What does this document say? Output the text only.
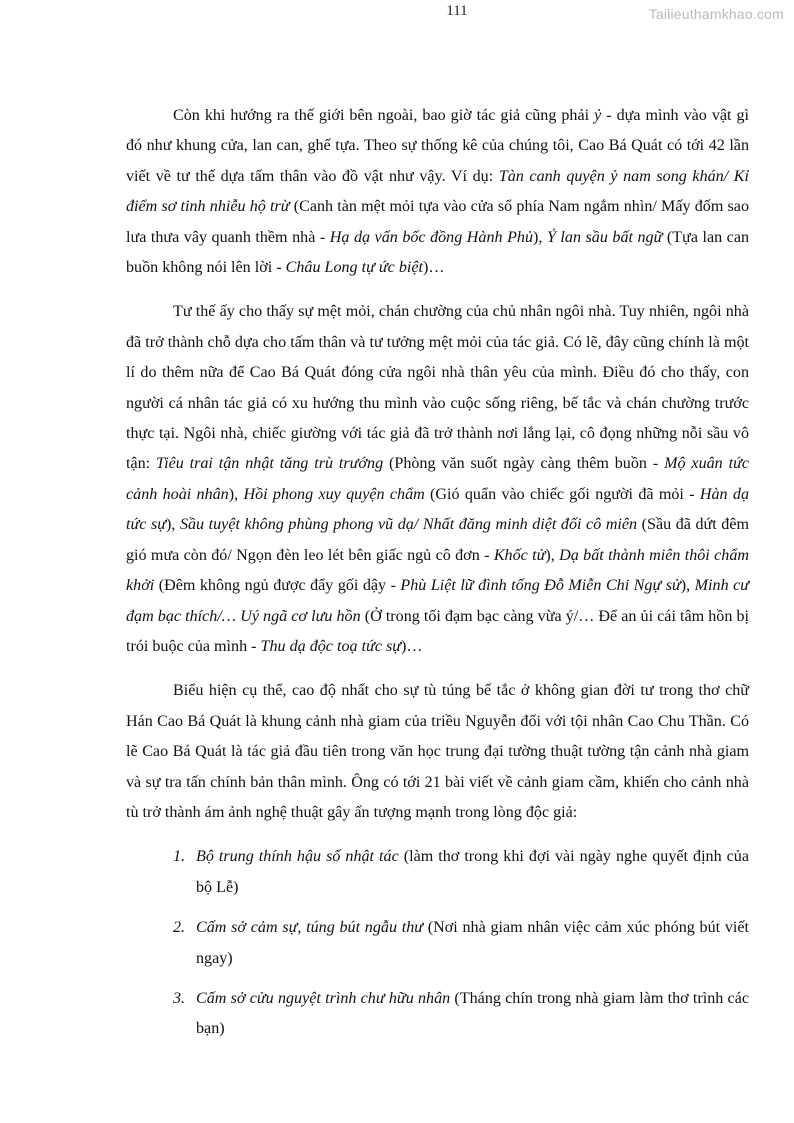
111	Tailieuthamkhao.com

Còn khi hướng ra thế giới bên ngoài, bao giờ tác giả cũng phải ỷ - dựa mình vào vật gì đó như khung cửa, lan can, ghế tựa. Theo sự thống kê của chúng tôi, Cao Bá Quát có tới 42 lần viết về tư thế dựa tấm thân vào đồ vật như vậy. Ví dụ: Tàn canh quyện ỷ nam song khán/ Kỉ điểm sơ tinh nhiễu hộ trừ (Canh tàn mệt mỏi tựa vào cửa sổ phía Nam ngắm nhìn/ Mấy đốm sao lưa thưa vây quanh thềm nhà - Hạ dạ vấn bốc đồng Hành Phủ), Ỷ lan sầu bất ngữ (Tựa lan can buồn không nói lên lời - Châu Long tự ức biệt)…

Tư thế ấy cho thấy sự mệt mỏi, chán chường của chủ nhân ngôi nhà. Tuy nhiên, ngôi nhà đã trở thành chỗ dựa cho tấm thân và tư tưởng mệt mỏi của tác giả. Có lẽ, đây cũng chính là một lí do thêm nữa để Cao Bá Quát đóng cửa ngôi nhà thân yêu của mình. Điều đó cho thấy, con người cá nhân tác giả có xu hướng thu mình vào cuộc sống riêng, bế tắc và chán chường trước thực tại. Ngôi nhà, chiếc giường với tác giả đã trở thành nơi lắng lại, cô đọng những nỗi sầu vô tận: Tiêu trai tận nhật tăng trù trướng (Phòng văn suốt ngày càng thêm buồn - Mộ xuân tức cảnh hoài nhân), Hồi phong xuy quyện chẩm (Gió quẩn vào chiếc gối người đã mỏi - Hàn dạ tức sự), Sầu tuyệt không phùng phong vũ dạ/ Nhất đăng minh diệt đối cô miên (Sầu đã dứt đêm gió mưa còn đó/ Ngọn đèn leo lét bên giấc ngủ cô đơn - Khốc tử), Dạ bất thành miên thôi chẩm khởi (Đêm không ngủ được đẩy gối dậy - Phù Liệt lữ đình tống Đỗ Miễn Chi Ngự sử), Minh cư đạm bạc thích/… Uý ngã cơ lưu hồn (Ở trong tối đạm bạc càng vừa ý/… Để an ủi cái tâm hồn bị trói buộc của mình - Thu dạ độc toạ tức sự)…

Biểu hiện cụ thể, cao độ nhất cho sự tù túng bế tắc ở không gian đời tư trong thơ chữ Hán Cao Bá Quát là khung cảnh nhà giam của triều Nguyễn đối với tội nhân Cao Chu Thần. Có lẽ Cao Bá Quát là tác giả đầu tiên trong văn học trung đại tường thuật tường tận cảnh nhà giam và sự tra tấn chính bản thân mình. Ông có tới 21 bài viết về cảnh giam cầm, khiến cho cảnh nhà tù trở thành ám ảnh nghệ thuật gây ấn tượng mạnh trong lòng độc giả:

1. Bộ trung thính hậu số nhật tác (làm thơ trong khi đợi vài ngày nghe quyết định của bộ Lễ)
2. Cấm sở cảm sự, túng bút ngẫu thư (Nơi nhà giam nhân việc cảm xúc phóng bút viết ngay)
3. Cấm sở cửu nguyệt trình chư hữu nhân (Tháng chín trong nhà giam làm thơ trình các bạn)
